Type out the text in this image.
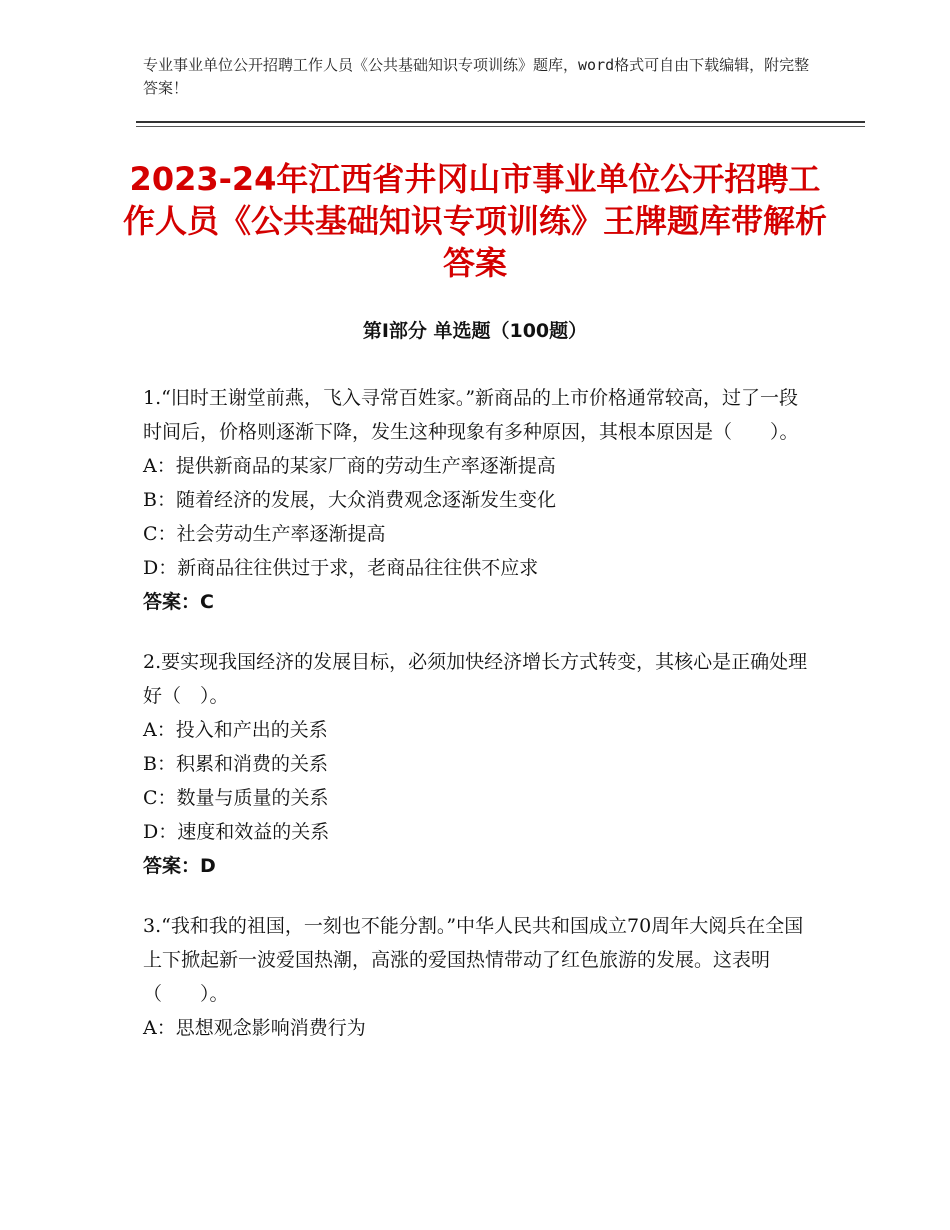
专业事业单位公开招聘工作人员《公共基础知识专项训练》题库，word格式可自由下载编辑，附完整答案！
2023-24年江西省井冈山市事业单位公开招聘工作人员《公共基础知识专项训练》王牌题库带解析答案
第Ⅰ部分 单选题（100题）
1.“旧时王谢堂前燕，飞入寻常百姓家。”新商品的上市价格通常较高，过了一段时间后，价格则逐渐下降，发生这种现象有多种原因，其根本原因是（　　）。
A：提供新商品的某家厂商的劳动生产率逐渐提高
B：随着经济的发展，大众消费观念逐渐发生变化
C：社会劳动生产率逐渐提高
D：新商品往往供过于求，老商品往往供不应求
答案：C
2.要实现我国经济的发展目标，必须加快经济增长方式转变，其核心是正确处理好（　）。
A：投入和产出的关系
B：积累和消费的关系
C：数量与质量的关系
D：速度和效益的关系
答案：D
3.“我和我的祖国，一刻也不能分割。”中华人民共和国成立70周年大阅兵在全国上下掀起新一波爱国热潮，高涨的爱国热情带动了红色旅游的发展。这表明（　　）。
A：思想观念影响消费行为
